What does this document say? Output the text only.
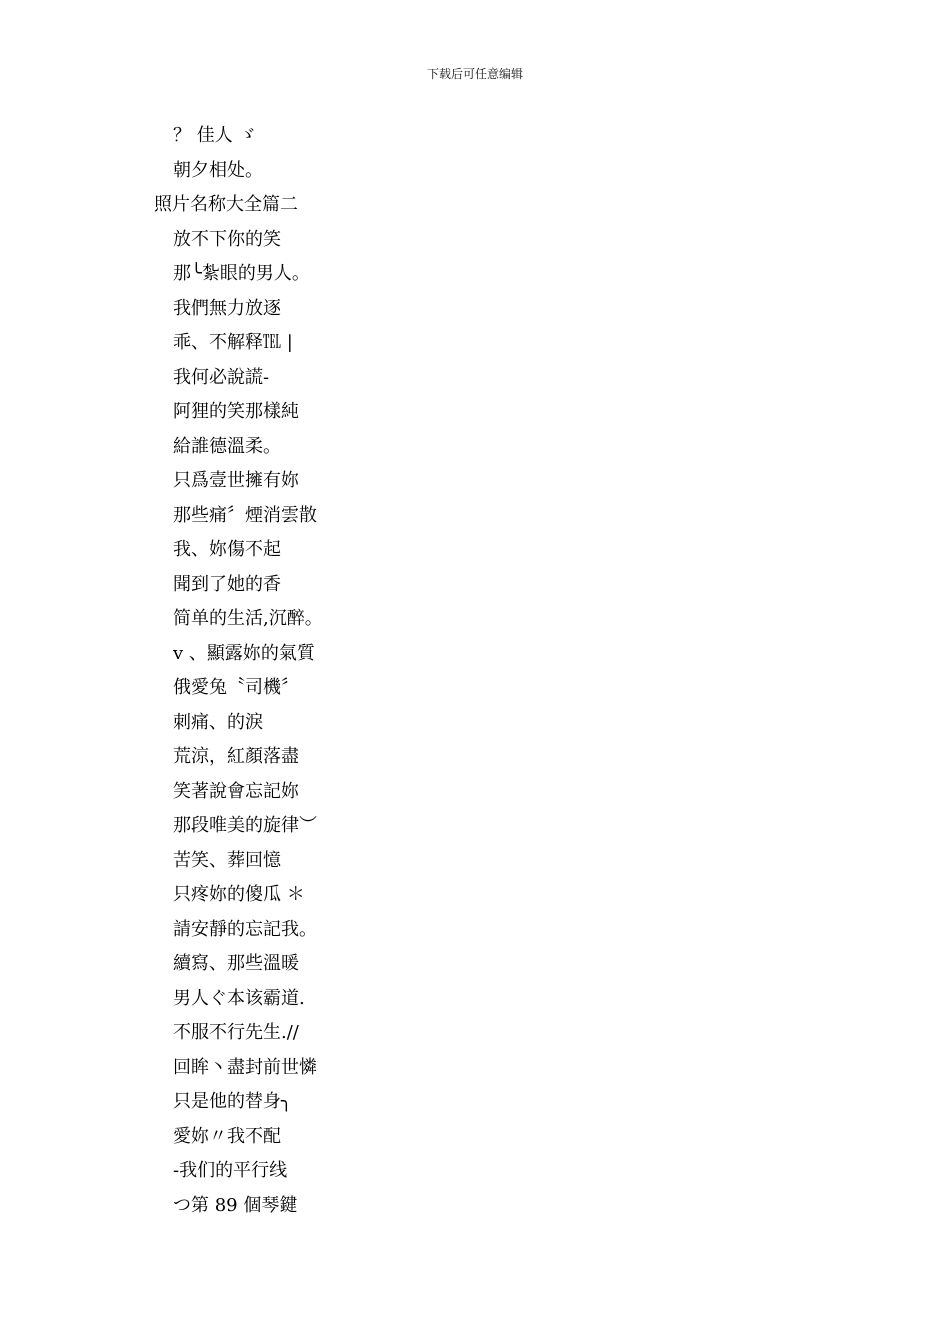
下载后可任意编辑
？ 佳人 ゞ
朝夕相处。
照片名称大全篇二
放不下你的笑
那╰紮眼的男人。
我們無力放逐
乖、不解释℡ |
我何必說謊-
阿狸的笑那樣純
給誰德溫柔。
只爲壹世擁有妳
那些痛〞煙消雲散
我、妳傷不起
聞到了她的香
简单的生活,沉醉。
v 、顯露妳的氣質
俄愛兔〝司機〞
刺痛、的淚
荒涼，紅顏落盡
笑著說會忘記妳
那段唯美的旋律︶
苦笑、葬回憶
只疼妳的傻瓜 ＊
請安靜的忘記我。
續寫、那些溫暖
男人ぐ本该霸道.
不服不行先生.//
回眸丶盡封前世憐
只是他的替身╮
愛妳〃我不配
-我们的平行线
つ第 89 個琴鍵
